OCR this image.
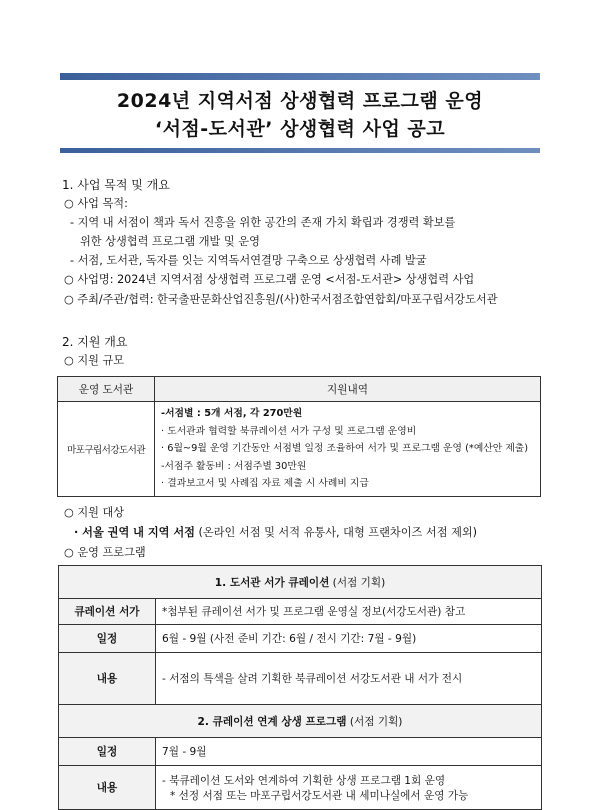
2024년 지역서점 상생협력 프로그램 운영
‘서점-도서관’ 상생협력 사업 공고
1. 사업 목적 및 개요
○ 사업 목적:
- 지역 내 서점이 책과 독서 진흥을 위한 공간의 존재 가치 확립과 경쟁력 확보를
위한 상생협력 프로그램 개발 및 운영
- 서점, 도서관, 독자를 잇는 지역독서연결망 구축으로 상생협력 사례 발굴
○ 사업명: 2024년 지역서점 상생협력 프로그램 운영 <서점-도서관> 상생협력 사업
○ 주최/주관/협력: 한국출판문화산업진흥원/(사)한국서점조합연합회/마포구립서강도서관
2. 지원 개요
○ 지원 규모
운영 도서관	지원내역
마포구립서강도서관	-서점별 : 5개 서점, 각 270만원
· 도서관과 협력할 북큐레이션 서가 구성 및 프로그램 운영비
· 6월~9월 운영 기간동안 서점별 일정 조율하여 서가 및 프로그램 운영 (*예산안 제출)
-서점주 활동비 : 서점주별 30만원
· 결과보고서 및 사례집 자료 제출 시 사례비 지급
○ 지원 대상
· 서울 권역 내 지역 서점 (온라인 서점 및 서적 유통사, 대형 프랜차이즈 서점 제외)
○ 운영 프로그램
1. 도서관 서가 큐레이션 (서점 기획)	
큐레이션 서가	*첨부된 큐레이션 서가 및 프로그램 운영실 정보(서강도서관) 참고
일정	6월 - 9월 (사전 준비 기간: 6월 / 전시 기간: 7월 - 9월)
내용	- 서점의 특색을 살려 기획한 북큐레이션 서강도서관 내 서가 전시
2. 큐레이션 연계 상생 프로그램 (서점 기획)	
일정	7월 - 9월
내용	- 북큐레이션 도서와 연계하여 기획한 상생 프로그램 1회 운영
* 선정 서점 또는 마포구립서강도서관 내 세미나실에서 운영 가능
